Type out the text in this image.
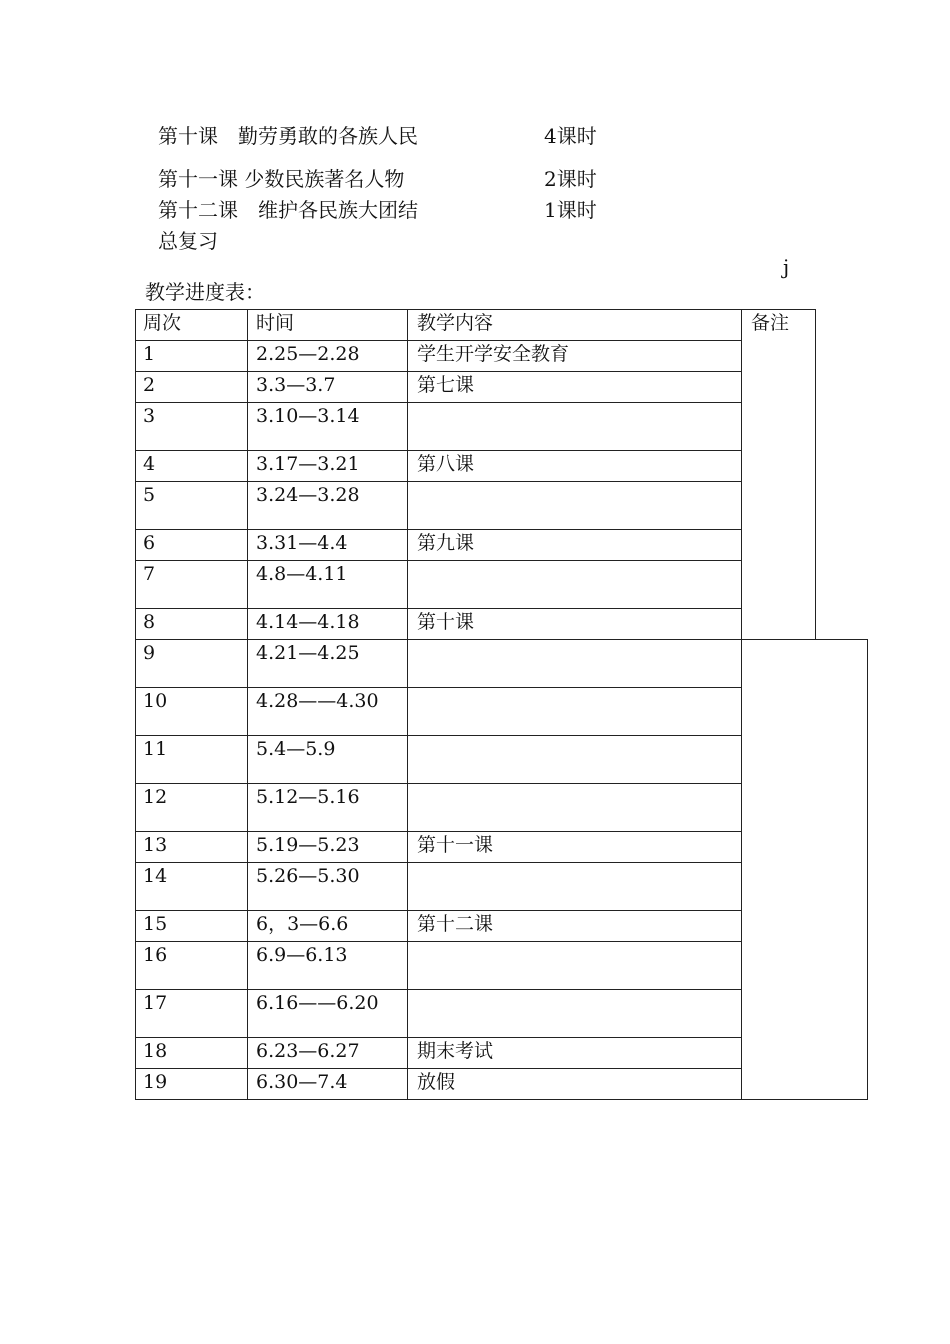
第十课　勤劳勇敢的各族人民	4课时
第十一课 少数民族著名人物	2课时
第十二课　维护各民族大团结	1课时
总复习
j
教学进度表：
周次	时间	教学内容	备注
1	2.25—2.28	学生开学安全教育
2	3.3—3.7	第七课
3	3.10—3.14
4	3.17—3.21	第八课
5	3.24—3.28
6	3.31—4.4	第九课
7	4.8—4.11
8	4.14—4.18	第十课
9	4.21—4.25
10	4.28——4.30
11	5.4—5.9
12	5.12—5.16
13	5.19—5.23	第十一课
14	5.26—5.30
15	6，3—6.6	第十二课
16	6.9—6.13
17	6.16——6.20
18	6.23—6.27	期末考试
19	6.30—7.4	放假
